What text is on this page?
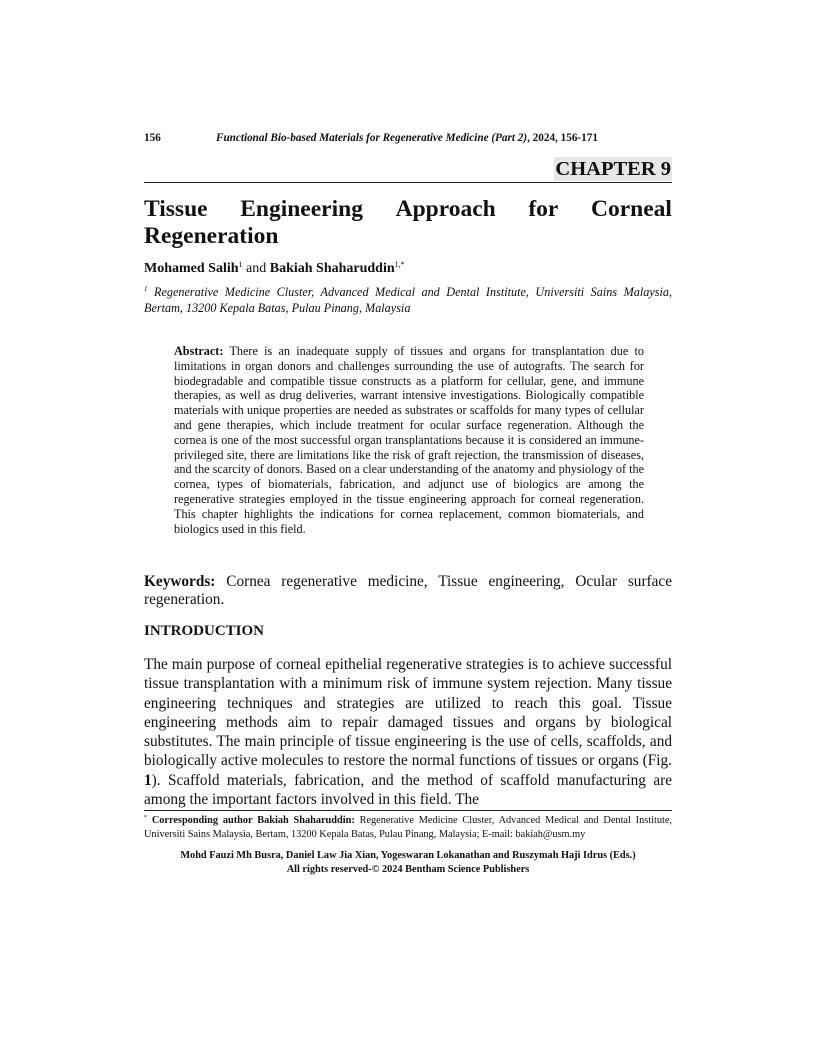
156	Functional Bio-based Materials for Regenerative Medicine (Part 2), 2024, 156-171
CHAPTER 9
Tissue Engineering Approach for Corneal
Regeneration
Mohamed Salih$^1$ and Bakiah Shaharuddin$^{1,*}$
$^1$ Regenerative Medicine Cluster, Advanced Medical and Dental Institute, Universiti Sains Malaysia, Bertam, 13200 Kepala Batas, Pulau Pinang, Malaysia
Abstract: There is an inadequate supply of tissues and organs for transplantation due to limitations in organ donors and challenges surrounding the use of autografts. The search for biodegradable and compatible tissue constructs as a platform for cellular, gene, and immune therapies, as well as drug deliveries, warrant intensive investigations. Biologically compatible materials with unique properties are needed as substrates or scaffolds for many types of cellular and gene therapies, which include treatment for ocular surface regeneration. Although the cornea is one of the most successful organ transplantations because it is considered an immune-privileged site, there are limitations like the risk of graft rejection, the transmission of diseases, and the scarcity of donors. Based on a clear understanding of the anatomy and physiology of the cornea, types of biomaterials, fabrication, and adjunct use of biologics are among the regenerative strategies employed in the tissue engineering approach for corneal regeneration. This chapter highlights the indications for cornea replacement, common biomaterials, and biologics used in this field.
Keywords: Cornea regenerative medicine, Tissue engineering, Ocular surface regeneration.
INTRODUCTION
The main purpose of corneal epithelial regenerative strategies is to achieve successful tissue transplantation with a minimum risk of immune system rejection. Many tissue engineering techniques and strategies are utilized to reach this goal. Tissue engineering methods aim to repair damaged tissues and organs by biological substitutes. The main principle of tissue engineering is the use of cells, scaffolds, and biologically active molecules to restore the normal functions of tissues or organs (Fig. 1). Scaffold materials, fabrication, and the method of scaffold manufacturing are among the important factors involved in this field. The
* Corresponding author Bakiah Shaharuddin: Regenerative Medicine Cluster, Advanced Medical and Dental Institute, Universiti Sains Malaysia, Bertam, 13200 Kepala Batas, Pulau Pinang, Malaysia; E-mail: bakiah@usm.my
Mohd Fauzi Mh Busra, Daniel Law Jia Xian, Yogeswaran Lokanathan and Ruszymah Haji Idrus (Eds.)
All rights reserved-© 2024 Bentham Science Publishers
